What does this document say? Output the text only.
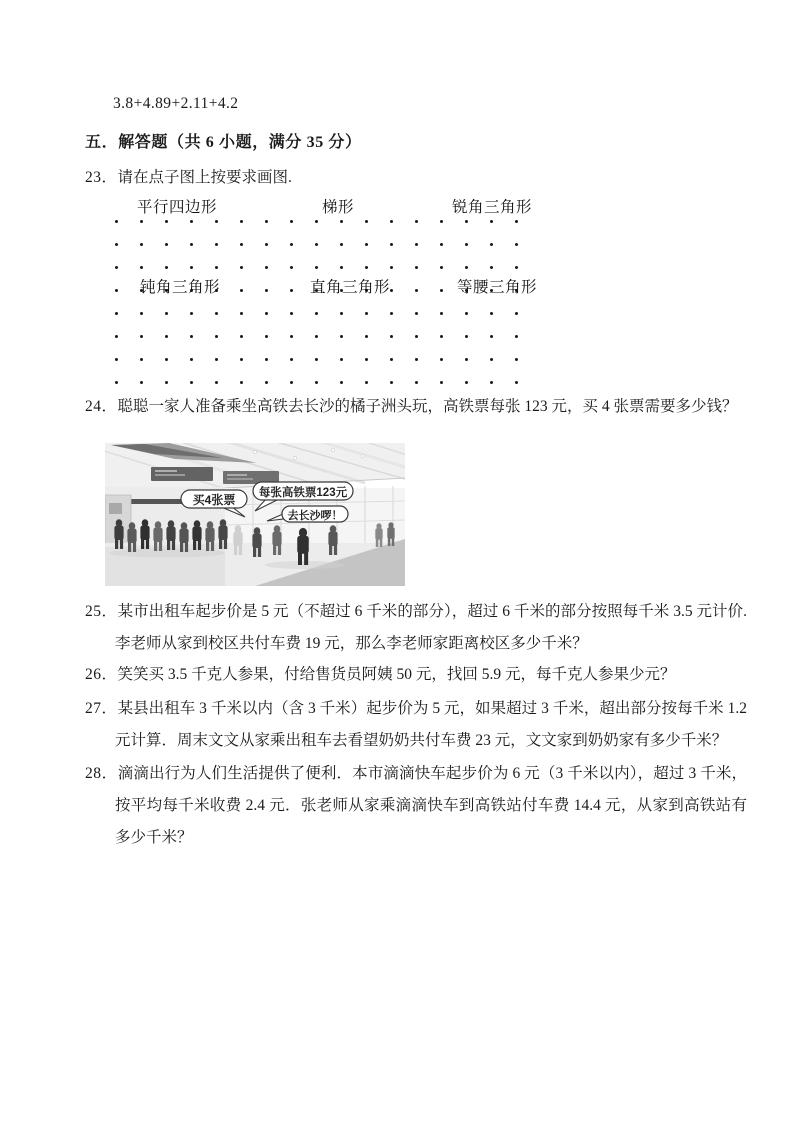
3.8+4.89+2.11+4.2
五．解答题（共 6 小题，满分 35 分）
23．请在点子图上按要求画图.
平行四边形	梯形	锐角三角形
钝角三角形	直角三角形	等腰三角形
24．聪聪一家人准备乘坐高铁去长沙的橘子洲头玩，高铁票每张 123 元，买 4 张票需要多少钱？
买4张票 每张高铁票123元
去长沙啰！
25．某市出租车起步价是 5 元（不超过 6 千米的部分），超过 6 千米的部分按照每千米 3.5 元计价.李老师从家到校区共付车费 19 元，那么李老师家距离校区多少千米？
26．笑笑买 3.5 千克人参果，付给售货员阿姨 50 元，找回 5.9 元，每千克人参果少元？
27．某县出租车 3 千米以内（含 3 千米）起步价为 5 元，如果超过 3 千米，超出部分按每千米 1.2 元计算．周末文文从家乘出租车去看望奶奶共付车费 23 元，文文家到奶奶家有多少千米？
28．滴滴出行为人们生活提供了便利．本市滴滴快车起步价为 6 元（3 千米以内），超过 3 千米，按平均每千米收费 2.4 元．张老师从家乘滴滴快车到高铁站付车费 14.4 元，从家到高铁站有多少千米？
